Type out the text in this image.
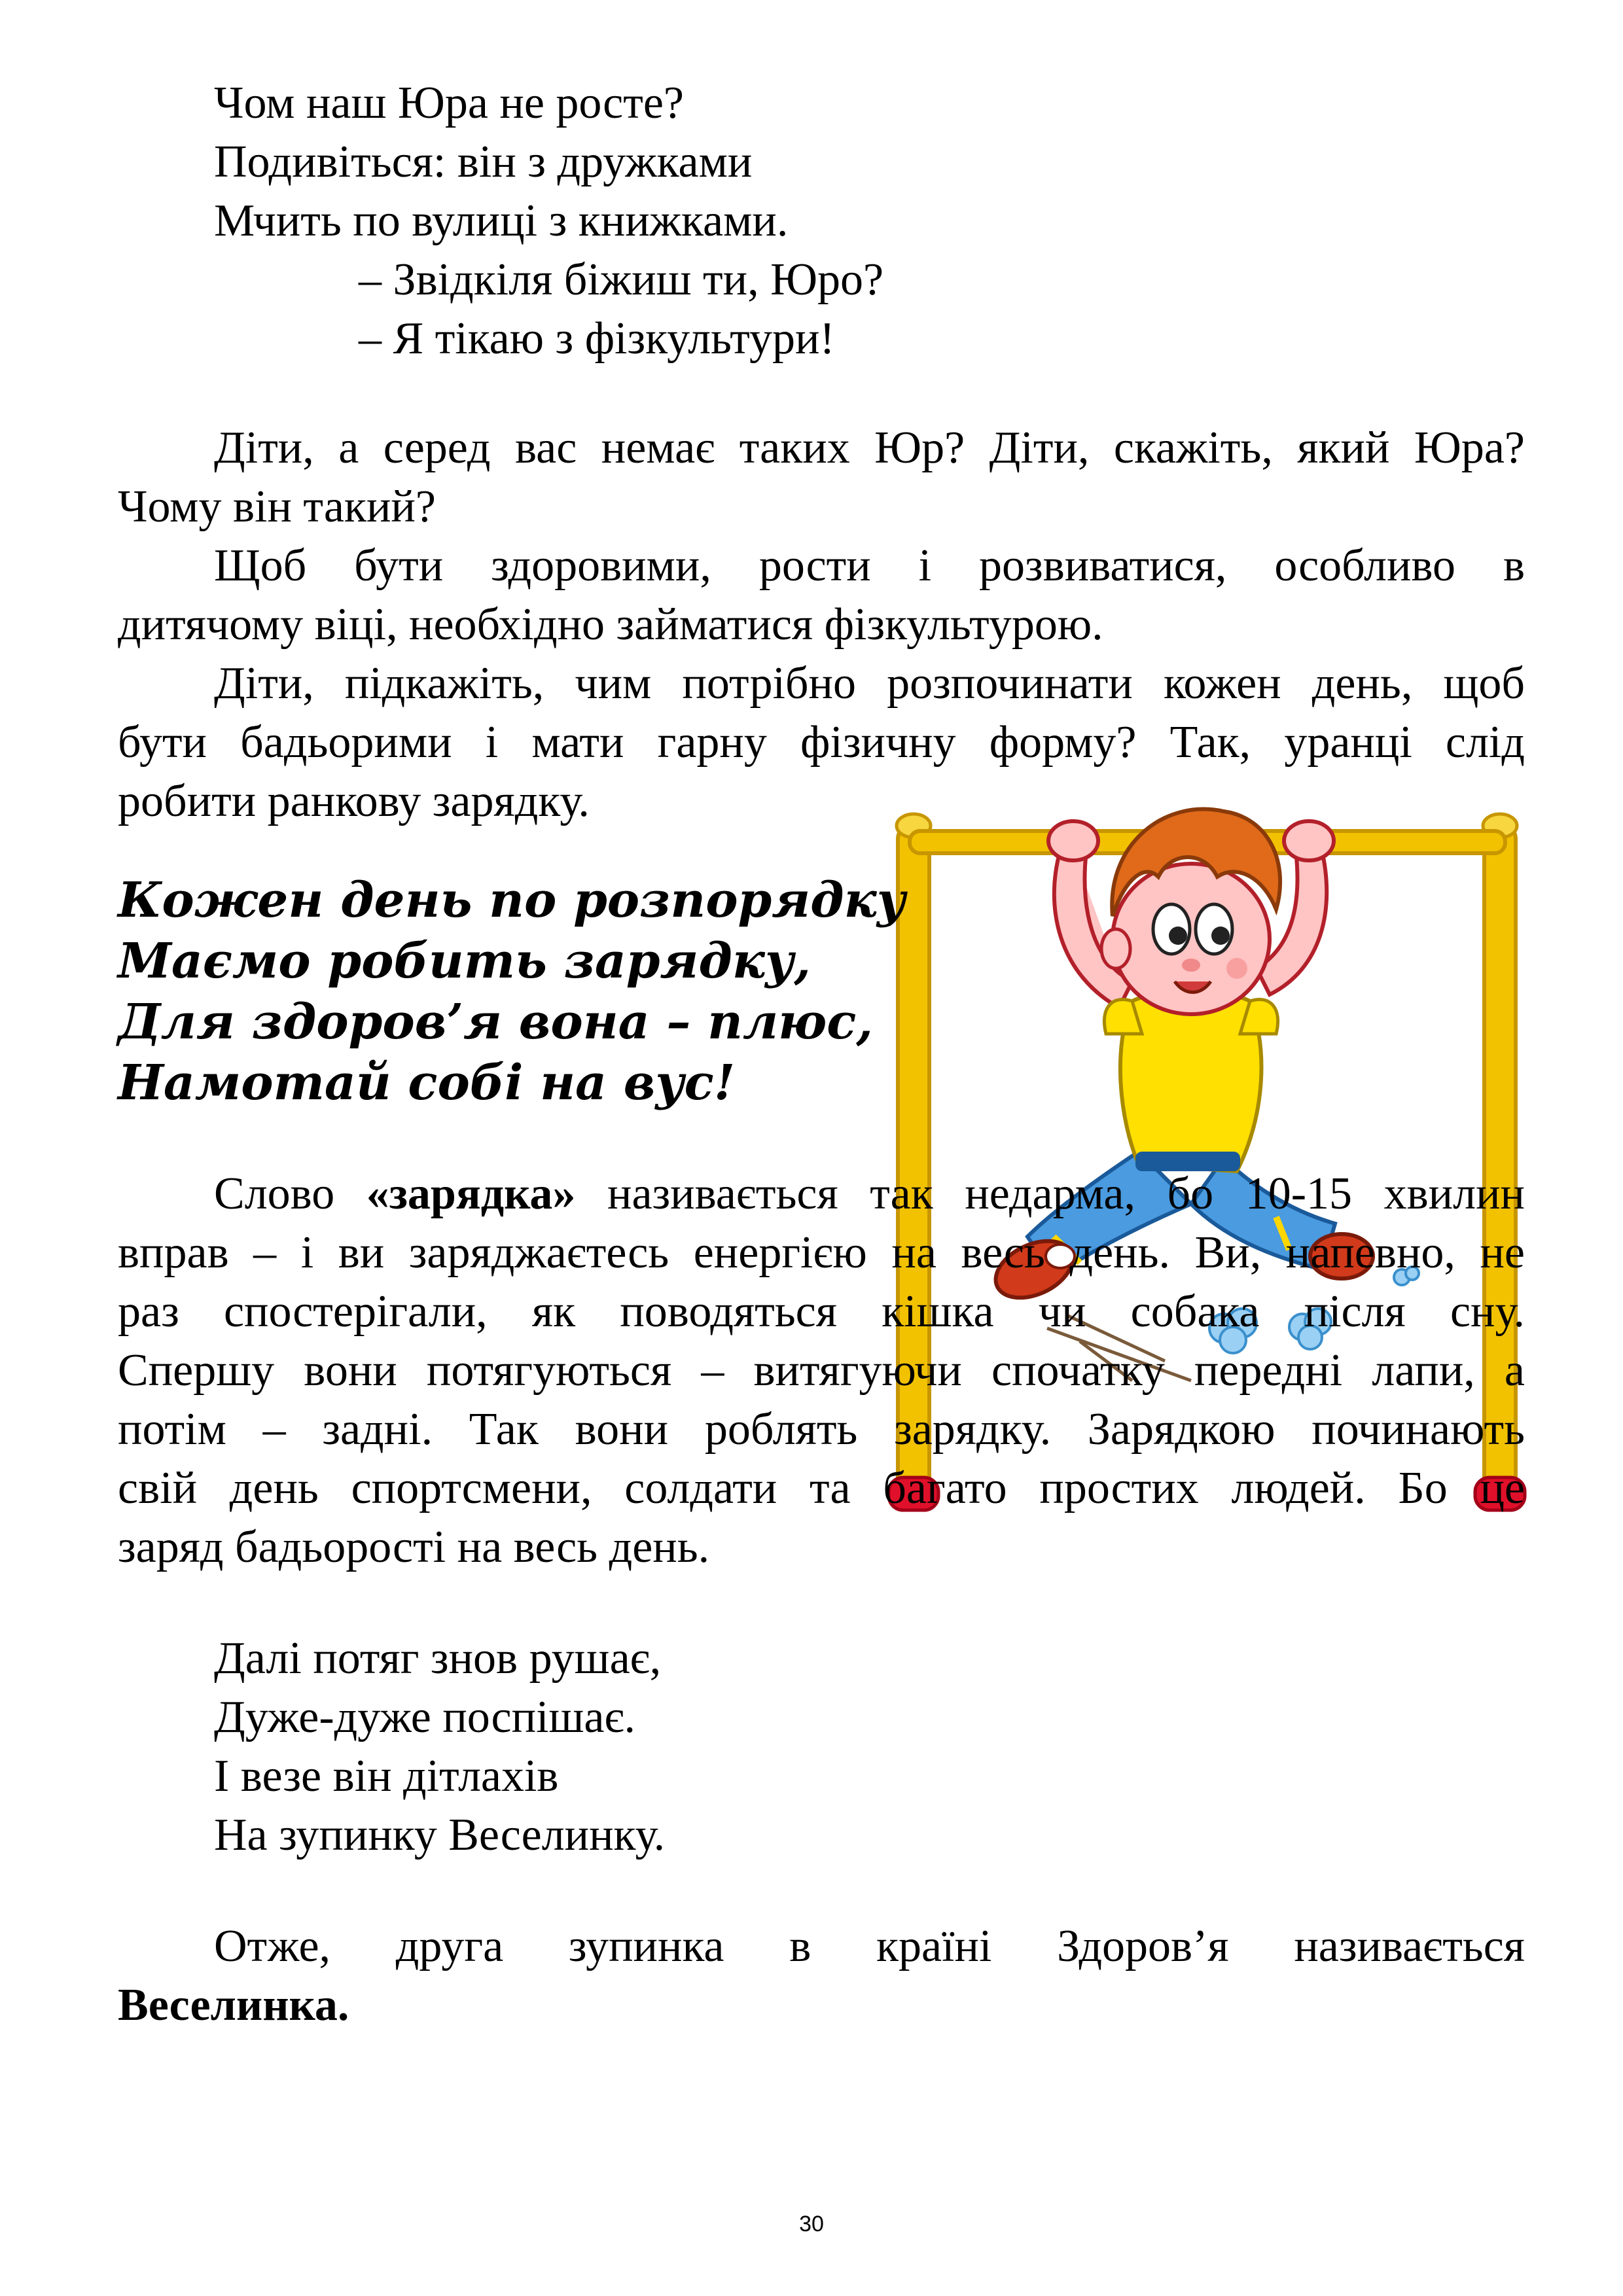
Чом наш Юра не росте?
Подивіться: він з дружками
Мчить по вулиці з книжками.
– Звідкіля біжиш ти, Юро?
– Я тікаю з фізкультури!
Діти, а серед вас немає таких Юр? Діти, скажіть, який Юра?
Чому він такий?
Щоб бути здоровими, рости і розвиватися, особливо в
дитячому віці, необхідно займатися фізкультурою.
Діти, підкажіть, чим потрібно розпочинати кожен день, щоб
бути бадьорими і мати гарну фізичну форму? Так, уранці слід
робити ранкову зарядку.
Кожен день по розпорядку
Маємо робить зарядку,
Для здоров’я вона – плюс,
Намотай собі на вус!
Слово «зарядка» називається так недарма, бо 10-15 хвилин
вправ – і ви заряджаєтесь енергією на весь день. Ви, напевно, не
раз спостерігали, як поводяться кішка чи собака після сну.
Спершу вони потягуються – витягуючи спочатку передні лапи, а
потім – задні. Так вони роблять зарядку. Зарядкою починають
свій день спортсмени, солдати та багато простих людей. Бо це
заряд бадьорості на весь день.
Далі потяг знов рушає,
Дуже-дуже поспішає.
І везе він дітлахів
На зупинку Веселинку.
Отже, друга зупинка в країні Здоров’я називається
Веселинка.
30
